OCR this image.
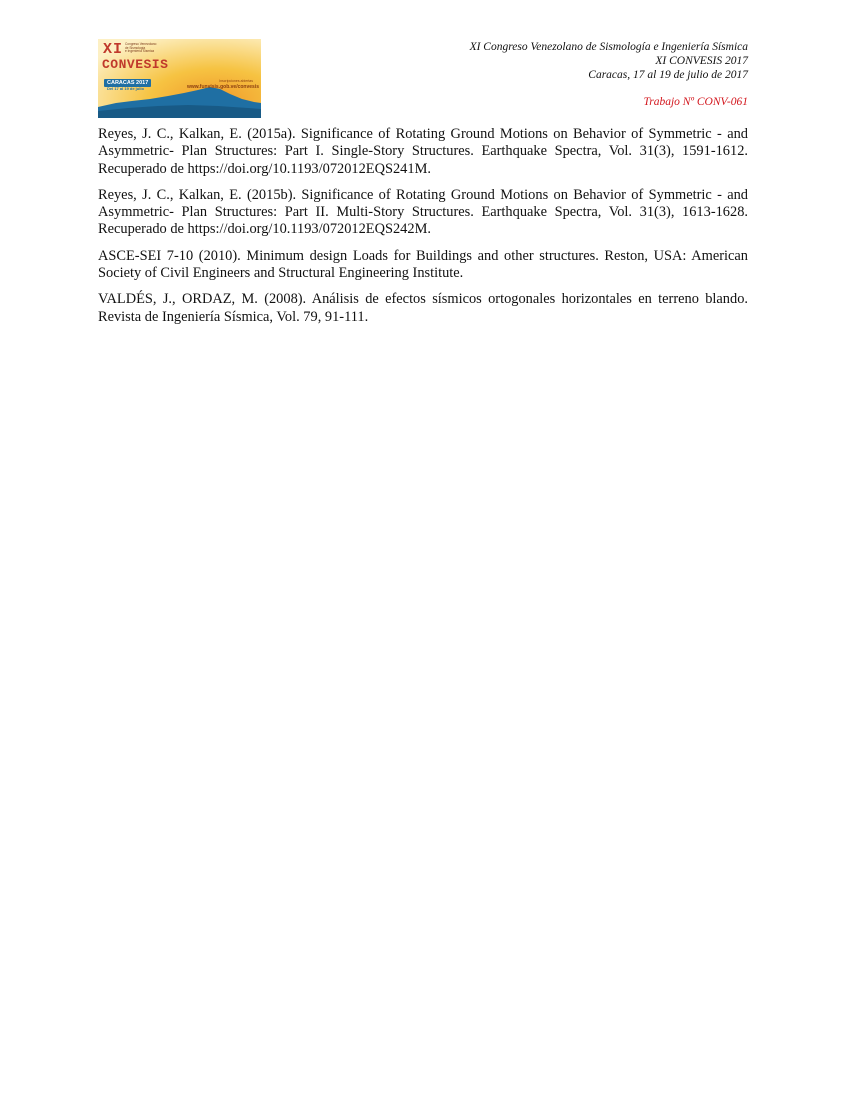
XI Congreso Venezolano
de Sismología
e Ingeniería Sísmica
CONVESIS
CARACAS 2017
Del 17 al 19 de julio
Inscripciones abiertas
www.funvisis.gob.ve/convesis
XI Congreso Venezolano de Sismología e Ingeniería Sísmica
XI CONVESIS 2017
Caracas, 17 al 19 de julio de 2017
Trabajo Nº CONV-061

Reyes, J. C., Kalkan, E. (2015a). Significance of Rotating Ground Motions on Behavior of Symmetric - and Asymmetric- Plan Structures: Part I. Single-Story Structures. Earthquake Spectra, Vol. 31(3), 1591-1612. Recuperado de https://doi.org/10.1193/072012EQS241M.

Reyes, J. C., Kalkan, E. (2015b). Significance of Rotating Ground Motions on Behavior of Symmetric - and Asymmetric- Plan Structures: Part II. Multi-Story Structures. Earthquake Spectra, Vol. 31(3), 1613-1628. Recuperado de https://doi.org/10.1193/072012EQS242M.

ASCE-SEI 7-10 (2010). Minimum design Loads for Buildings and other structures. Reston, USA: American Society of Civil Engineers and Structural Engineering Institute.

VALDÉS, J., ORDAZ, M. (2008). Análisis de efectos sísmicos ortogonales horizontales en terreno blando. Revista de Ingeniería Sísmica, Vol. 79, 91-111.
